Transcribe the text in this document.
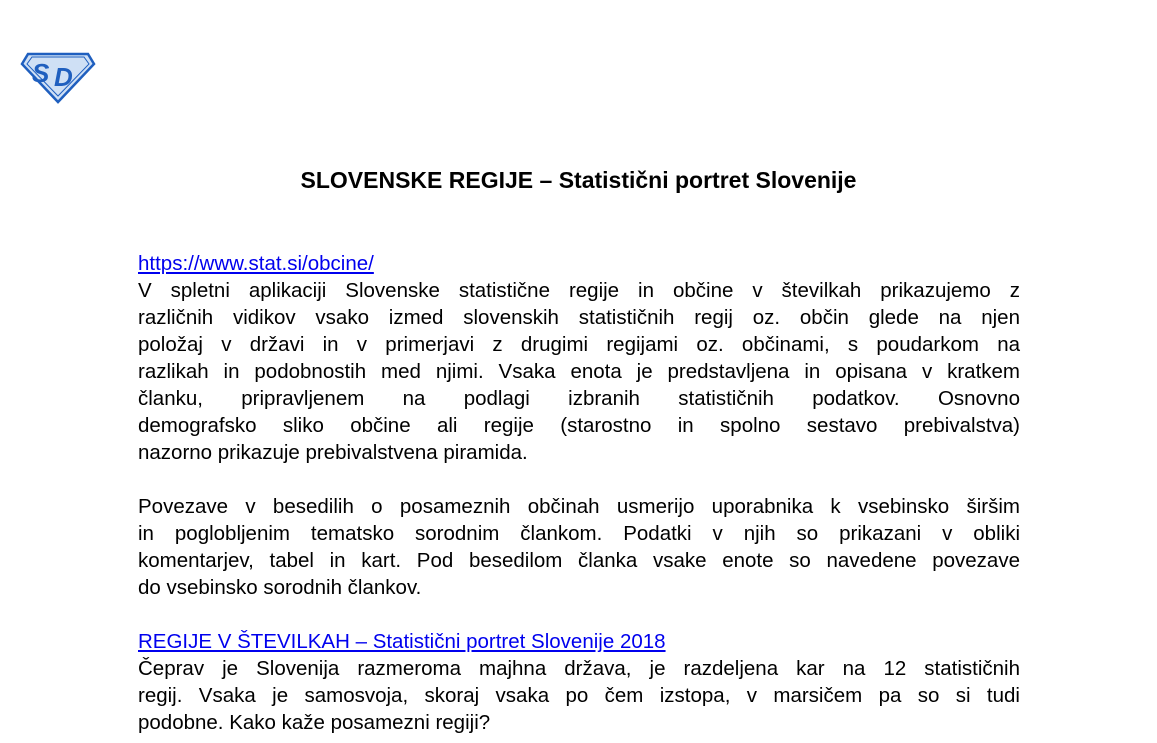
S D
SLOVENSKE REGIJE – Statistični portret Slovenije
https://www.stat.si/obcine/
V spletni aplikaciji Slovenske statistične regije in občine v številkah prikazujemo z
različnih vidikov vsako izmed slovenskih statističnih regij oz. občin glede na njen
položaj v državi in v primerjavi z drugimi regijami oz. občinami, s poudarkom na
razlikah in podobnostih med njimi. Vsaka enota je predstavljena in opisana v kratkem
članku, pripravljenem na podlagi izbranih statističnih podatkov. Osnovno
demografsko sliko občine ali regije (starostno in spolno sestavo prebivalstva)
nazorno prikazuje prebivalstvena piramida.
Povezave v besedilih o posameznih občinah usmerijo uporabnika k vsebinsko širšim
in poglobljenim tematsko sorodnim člankom. Podatki v njih so prikazani v obliki
komentarjev, tabel in kart. Pod besedilom članka vsake enote so navedene povezave
do vsebinsko sorodnih člankov.
REGIJE V ŠTEVILKAH – Statistični portret Slovenije 2018
Čeprav je Slovenija razmeroma majhna država, je razdeljena kar na 12 statističnih
regij. Vsaka je samosvoja, skoraj vsaka po čem izstopa, v marsičem pa so si tudi
podobne. Kako kaže posamezni regiji?
